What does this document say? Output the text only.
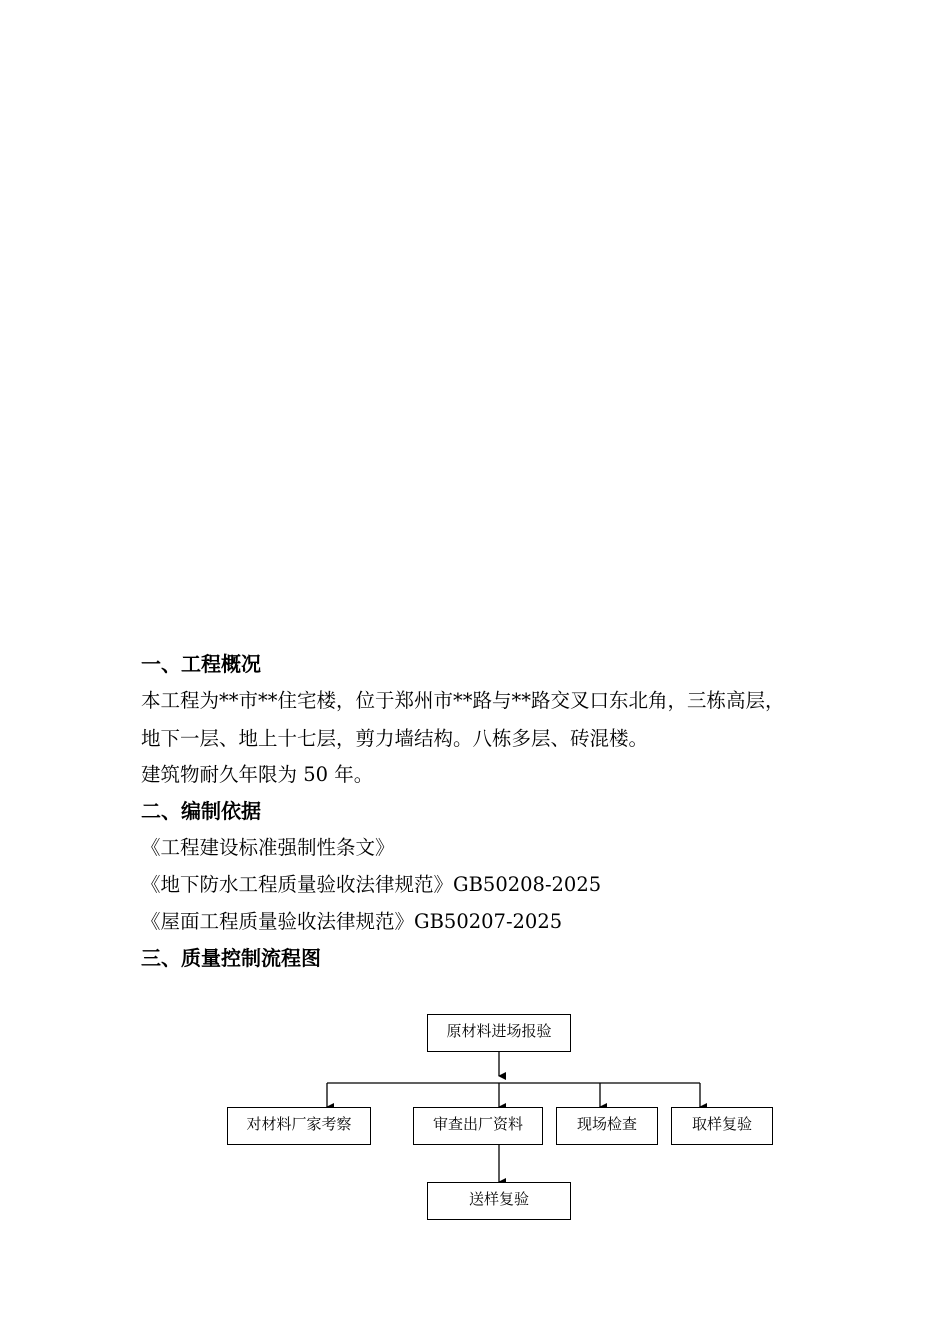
一、工程概况
本工程为**市**住宅楼，位于郑州市**路与**路交叉口东北角，三栋高层，
地下一层、地上十七层，剪力墙结构。八栋多层、砖混楼。
建筑物耐久年限为 50 年。
二、编制依据
《工程建设标准强制性条文》
《地下防水工程质量验收法律规范》GB50208-2025
《屋面工程质量验收法律规范》GB50207-2025
三、质量控制流程图
原材料进场报验
对材料厂家考察	审查出厂资料	现场检查	取样复验
送样复验
